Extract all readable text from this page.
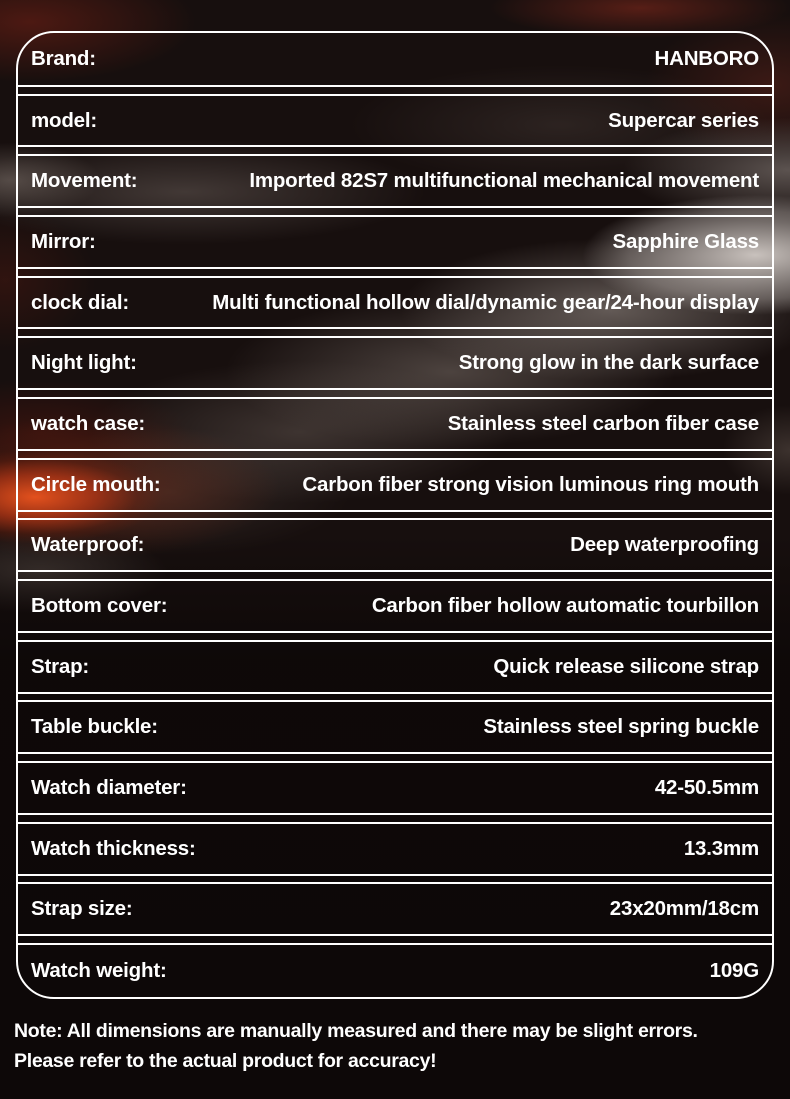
Brand:	HANBORO
model:	Supercar series
Movement:	Imported 82S7 multifunctional mechanical movement
Mirror:	Sapphire Glass
clock dial:	Multi functional hollow dial/dynamic gear/24-hour display
Night light:	Strong glow in the dark surface
watch case:	Stainless steel carbon fiber case
Circle mouth:	Carbon fiber strong vision luminous ring mouth
Waterproof:	Deep waterproofing
Bottom cover:	Carbon fiber hollow automatic tourbillon
Strap:	Quick release silicone strap
Table buckle:	Stainless steel spring buckle
Watch diameter:	42-50.5mm
Watch thickness:	13.3mm
Strap size:	23x20mm/18cm
Watch weight:	109G
Note: All dimensions are manually measured and there may be slight errors.
Please refer to the actual product for accuracy!
